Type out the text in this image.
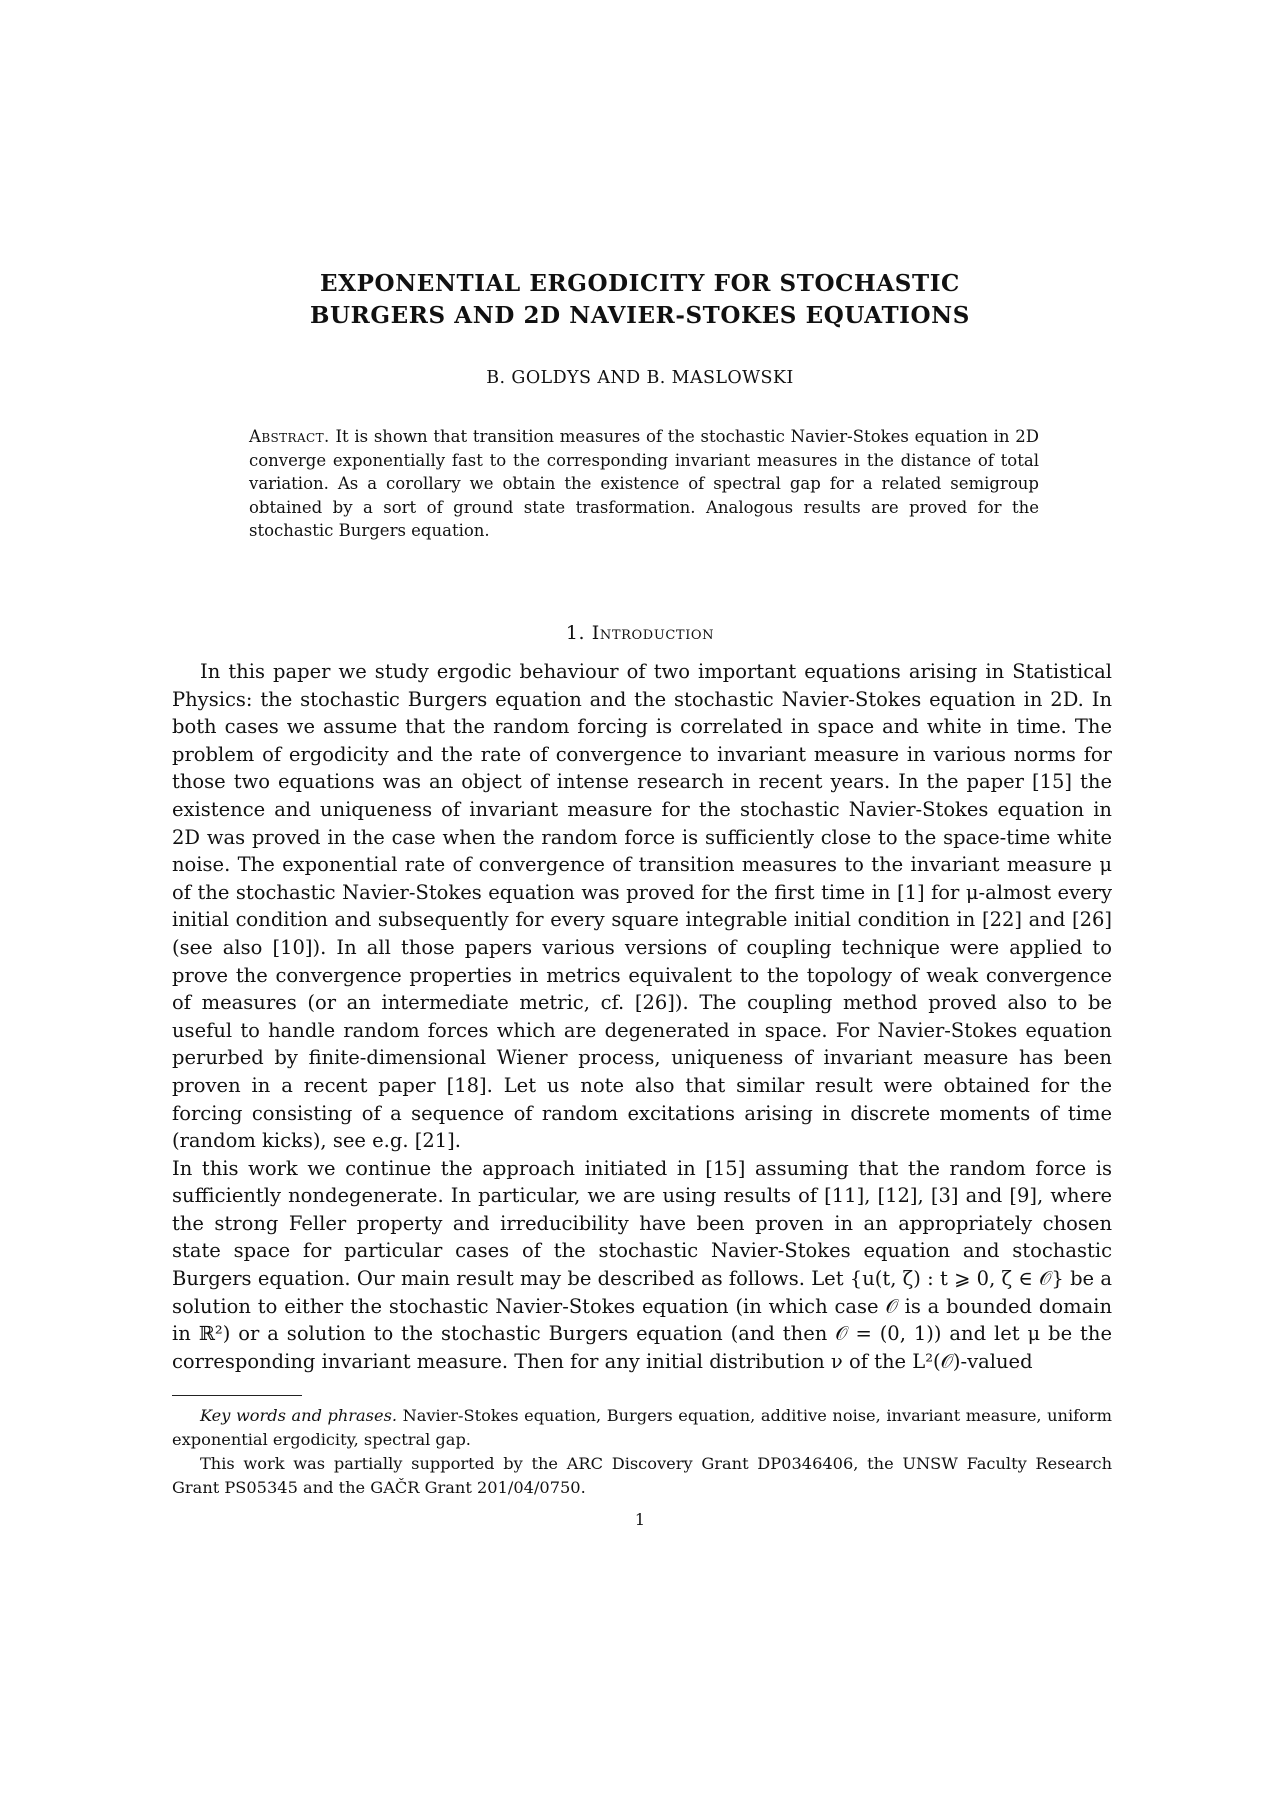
EXPONENTIAL ERGODICITY FOR STOCHASTIC
BURGERS AND 2D NAVIER-STOKES EQUATIONS
B. GOLDYS AND B. MASLOWSKI
Abstract. It is shown that transition measures of the stochastic Navier-Stokes equation in 2D converge exponentially fast to the corresponding invariant measures in the distance of total variation. As a corollary we obtain the existence of spectral gap for a related semigroup obtained by a sort of ground state trasformation. Analogous results are proved for the stochastic Burgers equation.
1. Introduction

In this paper we study ergodic behaviour of two important equations arising in Statistical Physics: the stochastic Burgers equation and the stochastic Navier-Stokes equation in 2D. In both cases we assume that the random forcing is correlated in space and white in time. The problem of ergodicity and the rate of convergence to invariant measure in various norms for those two equations was an object of intense research in recent years. In the paper [15] the existence and uniqueness of invariant measure for the stochastic Navier-Stokes equation in 2D was proved in the case when the random force is sufficiently close to the space-time white noise. The exponential rate of convergence of transition measures to the invariant measure μ of the stochastic Navier-Stokes equation was proved for the first time in [1] for μ-almost every initial condition and subsequently for every square integrable initial condition in [22] and [26] (see also [10]). In all those papers various versions of coupling technique were applied to prove the convergence properties in metrics equivalent to the topology of weak convergence of measures (or an intermediate metric, cf. [26]). The coupling method proved also to be useful to handle random forces which are degenerated in space. For Navier-Stokes equation perurbed by finite-dimensional Wiener process, uniqueness of invariant measure has been proven in a recent paper [18]. Let us note also that similar result were obtained for the forcing consisting of a sequence of random excitations arising in discrete moments of time (random kicks), see e.g. [21].

In this work we continue the approach initiated in [15] assuming that the random force is sufficiently nondegenerate. In particular, we are using results of [11], [12], [3] and [9], where the strong Feller property and irreducibility have been proven in an appropriately chosen state space for particular cases of the stochastic Navier-Stokes equation and stochastic Burgers equation. Our main result may be described as follows. Let {u(t, ζ) : t ⩾ 0, ζ ∈ 𝒪} be a solution to either the stochastic Navier-Stokes equation (in which case 𝒪 is a bounded domain in ℝ²) or a solution to the stochastic Burgers equation (and then 𝒪 = (0, 1)) and let μ be the corresponding invariant measure. Then for any initial distribution ν of the L²(𝒪)-valued

Key words and phrases. Navier-Stokes equation, Burgers equation, additive noise, invariant measure, uniform exponential ergodicity, spectral gap.

This work was partially supported by the ARC Discovery Grant DP0346406, the UNSW Faculty Research Grant PS05345 and the GAČR Grant 201/04/0750.

1
